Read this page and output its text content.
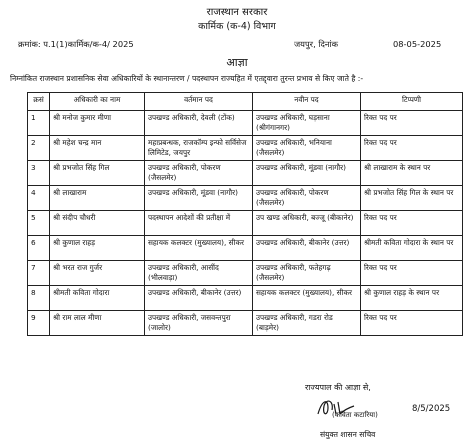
राजस्थान सरकार
कार्मिक (क-4) विभाग
क्रमांक: प.1(1)कार्मिक/क-4/ 2025	जयपुर, दिनांक	08-05-2025
आज्ञा
निम्नांकित राजस्थान प्रशासनिक सेवा अधिकारियों के स्थानान्तरण / पदस्थापन राज्यहित में एतद्द्वारा तुरन्त प्रभाव से किए जाते है :-
क्रसं	अधिकारी का नाम	वर्तमान पद	नवीन पद	टिप्पणी
1	श्री मनोज कुमार मीणा	उपखण्ड अधिकारी, देवली (टोंक)	उपखण्ड अधिकारी, घड़साना (श्रीगंगानगर)	रिक्त पद पर
2	श्री महेश चन्द्र मान	महाप्रबन्धक, राजकॉम्प इन्फो सर्विसेज लिमिटेड, जयपुर	उपखण्ड अधिकारी, भनियाना (जैसलमेर)	रिक्त पद पर
3	श्री प्रभजोत सिंह गिल	उपखण्ड अधिकारी, पोकरण (जैसलमेर)	उपखण्ड अधिकारी, मूंडवा (नागौर)	श्री लाखाराम के स्थान पर
4	श्री लाखाराम	उपखण्ड अधिकारी, मूंडवा (नागौर)	उपखण्ड अधिकारी, पोकरण (जैसलमेर)	श्री प्रभजोत सिंह गिल के स्थान पर
5	श्री संदीप चौधरी	पदस्थापन आदेशों की प्रतीक्षा में	उप खण्ड अधिकारी, बज्जू (बीकानेर)	रिक्त पद पर
6	श्री कुणाल राहड़	सहायक कलक्टर (मुख्यालय), सीकर	उपखण्ड अधिकारी, बीकानेर (उत्तर)	श्रीमती कविता गोदारा के स्थान पर
7	श्री भरत राज गुर्जर	उपखण्ड अधिकारी, आसींद (भीलवाड़ा)	उपखण्ड अधिकारी, फतेहगढ़ (जैसलमेर)	रिक्त पद पर
8	श्रीमती कविता गोदारा	उपखण्ड अधिकारी, बीकानेर (उत्तर)	सहायक कलक्टर (मुख्यालय), सीकर	श्री कुणाल राहड़ के स्थान पर
9	श्री राम लाल मीणा	उपखण्ड अधिकारी, जसवन्तपुरा (जालोर)	उपखण्ड अधिकारी, गडरा रोड (बाड़मेर)	रिक्त पद पर
राज्यपाल की आज्ञा से,
(कविता कटारिया)
8/5/2025
संयुक्त शासन सचिव
